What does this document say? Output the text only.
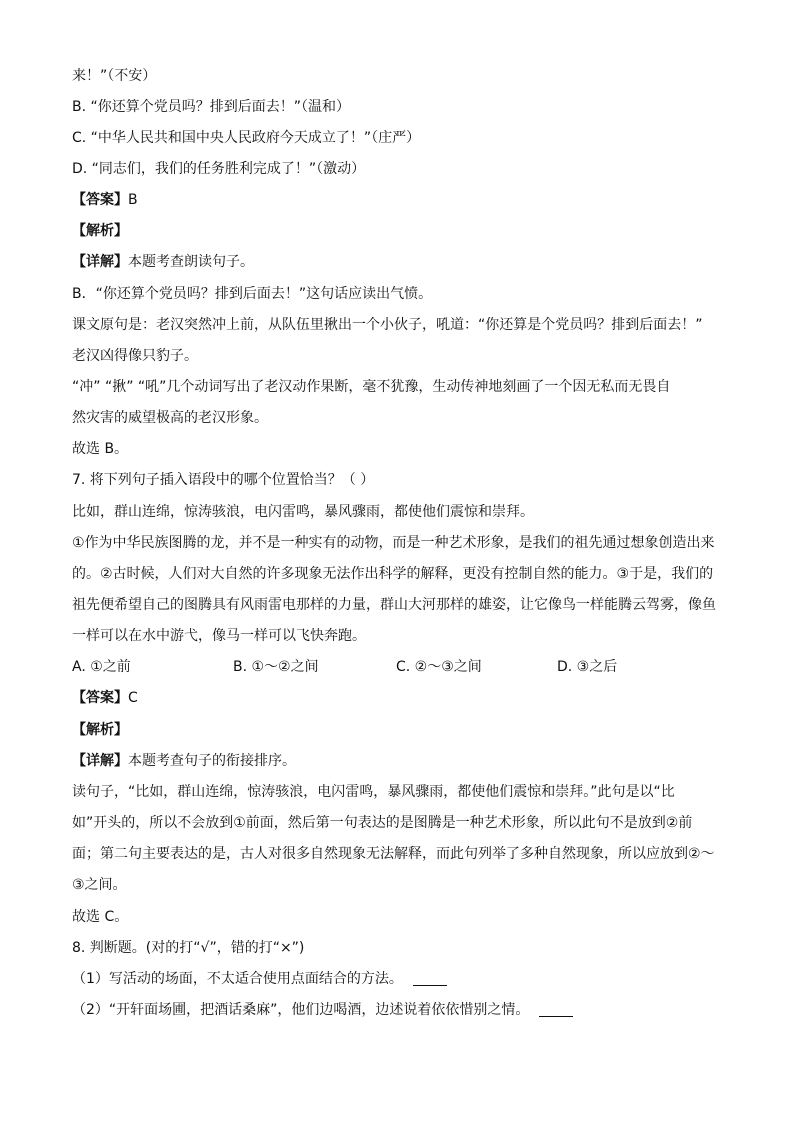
来！”（不安）
B. “你还算个党员吗？排到后面去！”（温和）
C. “中华人民共和国中央人民政府今天成立了！”（庄严）
D. “同志们，我们的任务胜利完成了！”（激动）
【答案】B
【解析】
【详解】本题考查朗读句子。
B．“你还算个党员吗？排到后面去！”这句话应读出气愤。
课文原句是：老汉突然冲上前，从队伍里揪出一个小伙子，吼道：“你还算是个党员吗？排到后面去！”
老汉凶得像只豹子。
“冲” “揪” “吼”几个动词写出了老汉动作果断，毫不犹豫，生动传神地刻画了一个因无私而无畏自
然灾害的威望极高的老汉形象。
故选 B。
7. 将下列句子插入语段中的哪个位置恰当？（ ）
比如，群山连绵，惊涛骇浪，电闪雷鸣，暴风骤雨，都使他们震惊和崇拜。
①作为中华民族图腾的龙，并不是一种实有的动物，而是一种艺术形象，是我们的祖先通过想象创造出来
的。②古时候，人们对大自然的许多现象无法作出科学的解释，更没有控制自然的能力。③于是，我们的
祖先便希望自己的图腾具有风雨雷电那样的力量，群山大河那样的雄姿，让它像鸟一样能腾云驾雾，像鱼
一样可以在水中游弋，像马一样可以飞快奔跑。
A. ①之前	B. ①～②之间	C. ②～③之间	D. ③之后
【答案】C
【解析】
【详解】本题考查句子的衔接排序。
读句子，“比如，群山连绵，惊涛骇浪，电闪雷鸣，暴风骤雨，都使他们震惊和崇拜。”此句是以“比
如”开头的，所以不会放到①前面，然后第一句表达的是图腾是一种艺术形象，所以此句不是放到②前
面；第二句主要表达的是，古人对很多自然现象无法解释，而此句列举了多种自然现象，所以应放到②～
③之间。
故选 C。
8. 判断题。(对的打“√”，错的打“×”)
（1）写活动的场面，不太适合使用点面结合的方法。
（2）“开轩面场圃，把酒话桑麻”，他们边喝酒，边述说着依依惜别之情。
